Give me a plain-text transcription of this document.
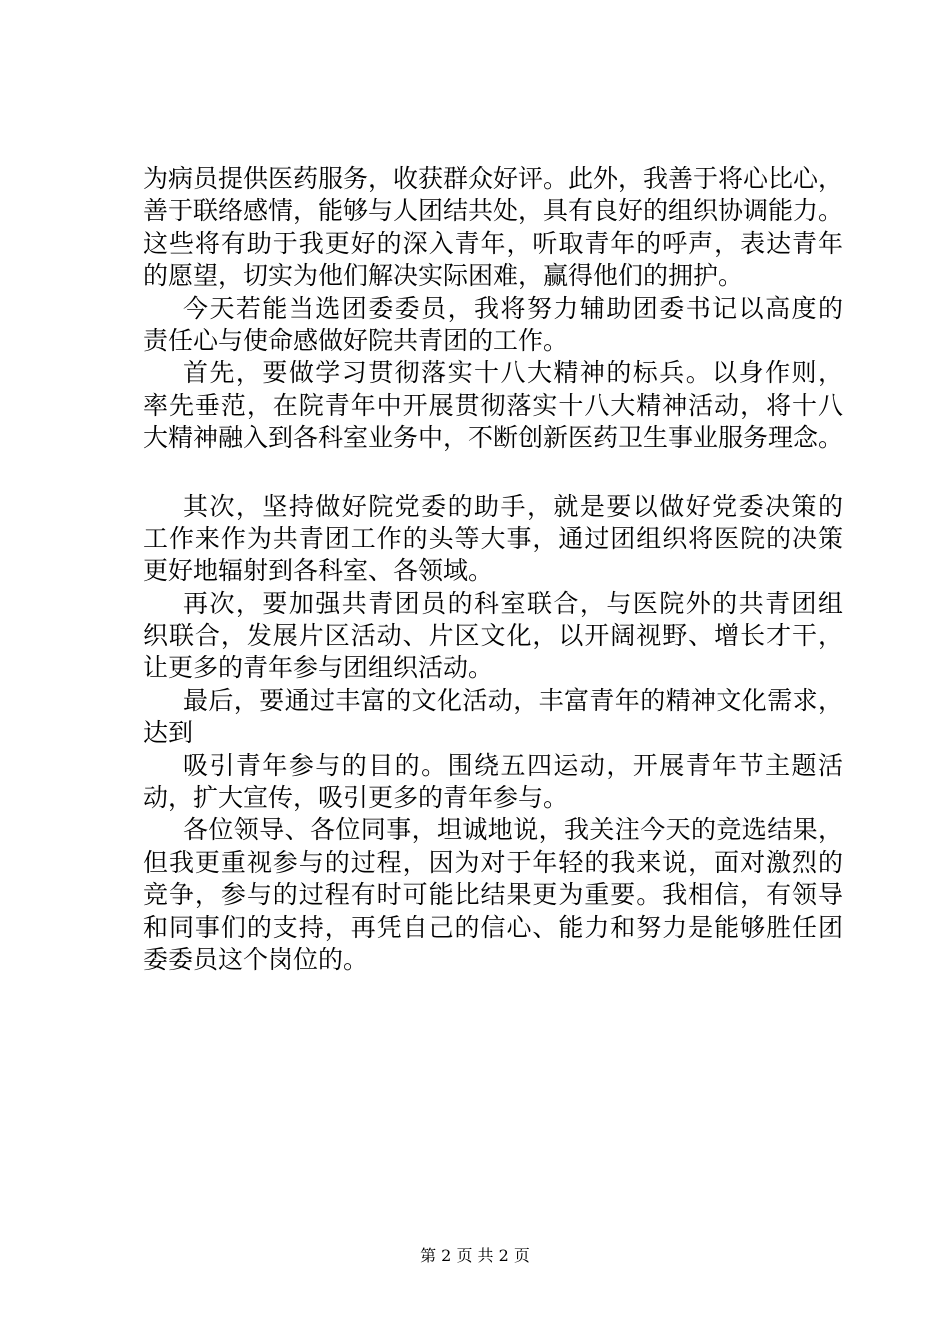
为病员提供医药服务，收获群众好评。此外，我善于将心比心，
善于联络感情，能够与人团结共处，具有良好的组织协调能力。
这些将有助于我更好的深入青年，听取青年的呼声，表达青年
的愿望，切实为他们解决实际困难，赢得他们的拥护。
今天若能当选团委委员，我将努力辅助团委书记以高度的
责任心与使命感做好院共青团的工作。
首先，要做学习贯彻落实十八大精神的标兵。以身作则，
率先垂范，在院青年中开展贯彻落实十八大精神活动，将十八
大精神融入到各科室业务中，不断创新医药卫生事业服务理念。
其次，坚持做好院党委的助手，就是要以做好党委决策的
工作来作为共青团工作的头等大事，通过团组织将医院的决策
更好地辐射到各科室、各领域。
再次，要加强共青团员的科室联合，与医院外的共青团组
织联合，发展片区活动、片区文化，以开阔视野、增长才干，
让更多的青年参与团组织活动。
最后，要通过丰富的文化活动，丰富青年的精神文化需求，
达到
吸引青年参与的目的。围绕五四运动，开展青年节主题活
动，扩大宣传，吸引更多的青年参与。
各位领导、各位同事，坦诚地说，我关注今天的竞选结果，
但我更重视参与的过程，因为对于年轻的我来说，面对激烈的
竞争，参与的过程有时可能比结果更为重要。我相信，有领导
和同事们的支持，再凭自己的信心、能力和努力是能够胜任团
委委员这个岗位的。
第 2 页 共 2 页
